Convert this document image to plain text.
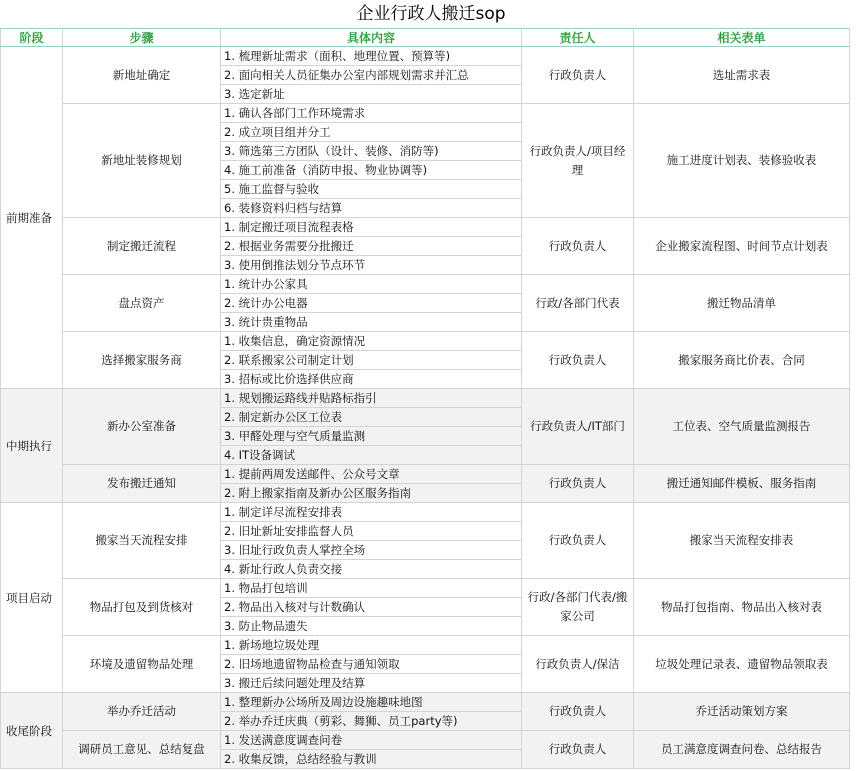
企业行政人搬迁sop
阶段	步骤	具体内容	责任人	相关表单
前期准备	新地址确定	1. 梳理新址需求（面积、地理位置、预算等)	行政负责人	选址需求表
		2. 面向相关人员征集办公室内部规划需求并汇总		
		3. 选定新址		
	新地址装修规划	1. 确认各部门工作环境需求	行政负责人/项目经理	施工进度计划表、装修验收表
		2. 成立项目组并分工		
		3. 筛选第三方团队（设计、装修、消防等)		
		4. 施工前准备（消防申报、物业协调等)		
		5. 施工监督与验收		
		6. 装修资料归档与结算		
	制定搬迁流程	1. 制定搬迁项目流程表格	行政负责人	企业搬家流程图、时间节点计划表
		2. 根据业务需要分批搬迁		
		3. 使用倒推法划分节点环节		
	盘点资产	1. 统计办公家具	行政/各部门代表	搬迁物品清单
		2. 统计办公电器		
		3. 统计贵重物品		
	选择搬家服务商	1. 收集信息，确定资源情况	行政负责人	搬家服务商比价表、合同
		2. 联系搬家公司制定计划		
		3. 招标或比价选择供应商		
中期执行	新办公室准备	1. 规划搬运路线并贴路标指引	行政负责人/IT部门	工位表、空气质量监测报告
		2. 制定新办公区工位表		
		3. 甲醛处理与空气质量监测		
		4. IT设备调试		
	发布搬迁通知	1. 提前两周发送邮件、公众号文章	行政负责人	搬迁通知邮件模板、服务指南
		2. 附上搬家指南及新办公区服务指南		
项目启动	搬家当天流程安排	1. 制定详尽流程安排表	行政负责人	搬家当天流程安排表
		2. 旧址新址安排监督人员		
		3. 旧址行政负责人掌控全场		
		4. 新址行政人负责交接		
	物品打包及到货核对	1. 物品打包培训	行政/各部门代表/搬家公司	物品打包指南、物品出入核对表
		2. 物品出入核对与计数确认		
		3. 防止物品遗失		
	环境及遗留物品处理	1. 新场地垃圾处理	行政负责人/保洁	垃圾处理记录表、遗留物品领取表
		2. 旧场地遗留物品检查与通知领取		
		3. 搬迁后续问题处理及结算		
收尾阶段	举办乔迁活动	1. 整理新办公场所及周边设施趣味地图	行政负责人	乔迁活动策划方案
		2. 举办乔迁庆典（剪彩、舞狮、员工party等)		
	调研员工意见、总结复盘	1. 发送满意度调查问卷	行政负责人	员工满意度调查问卷、总结报告
		2. 收集反馈，总结经验与教训		
